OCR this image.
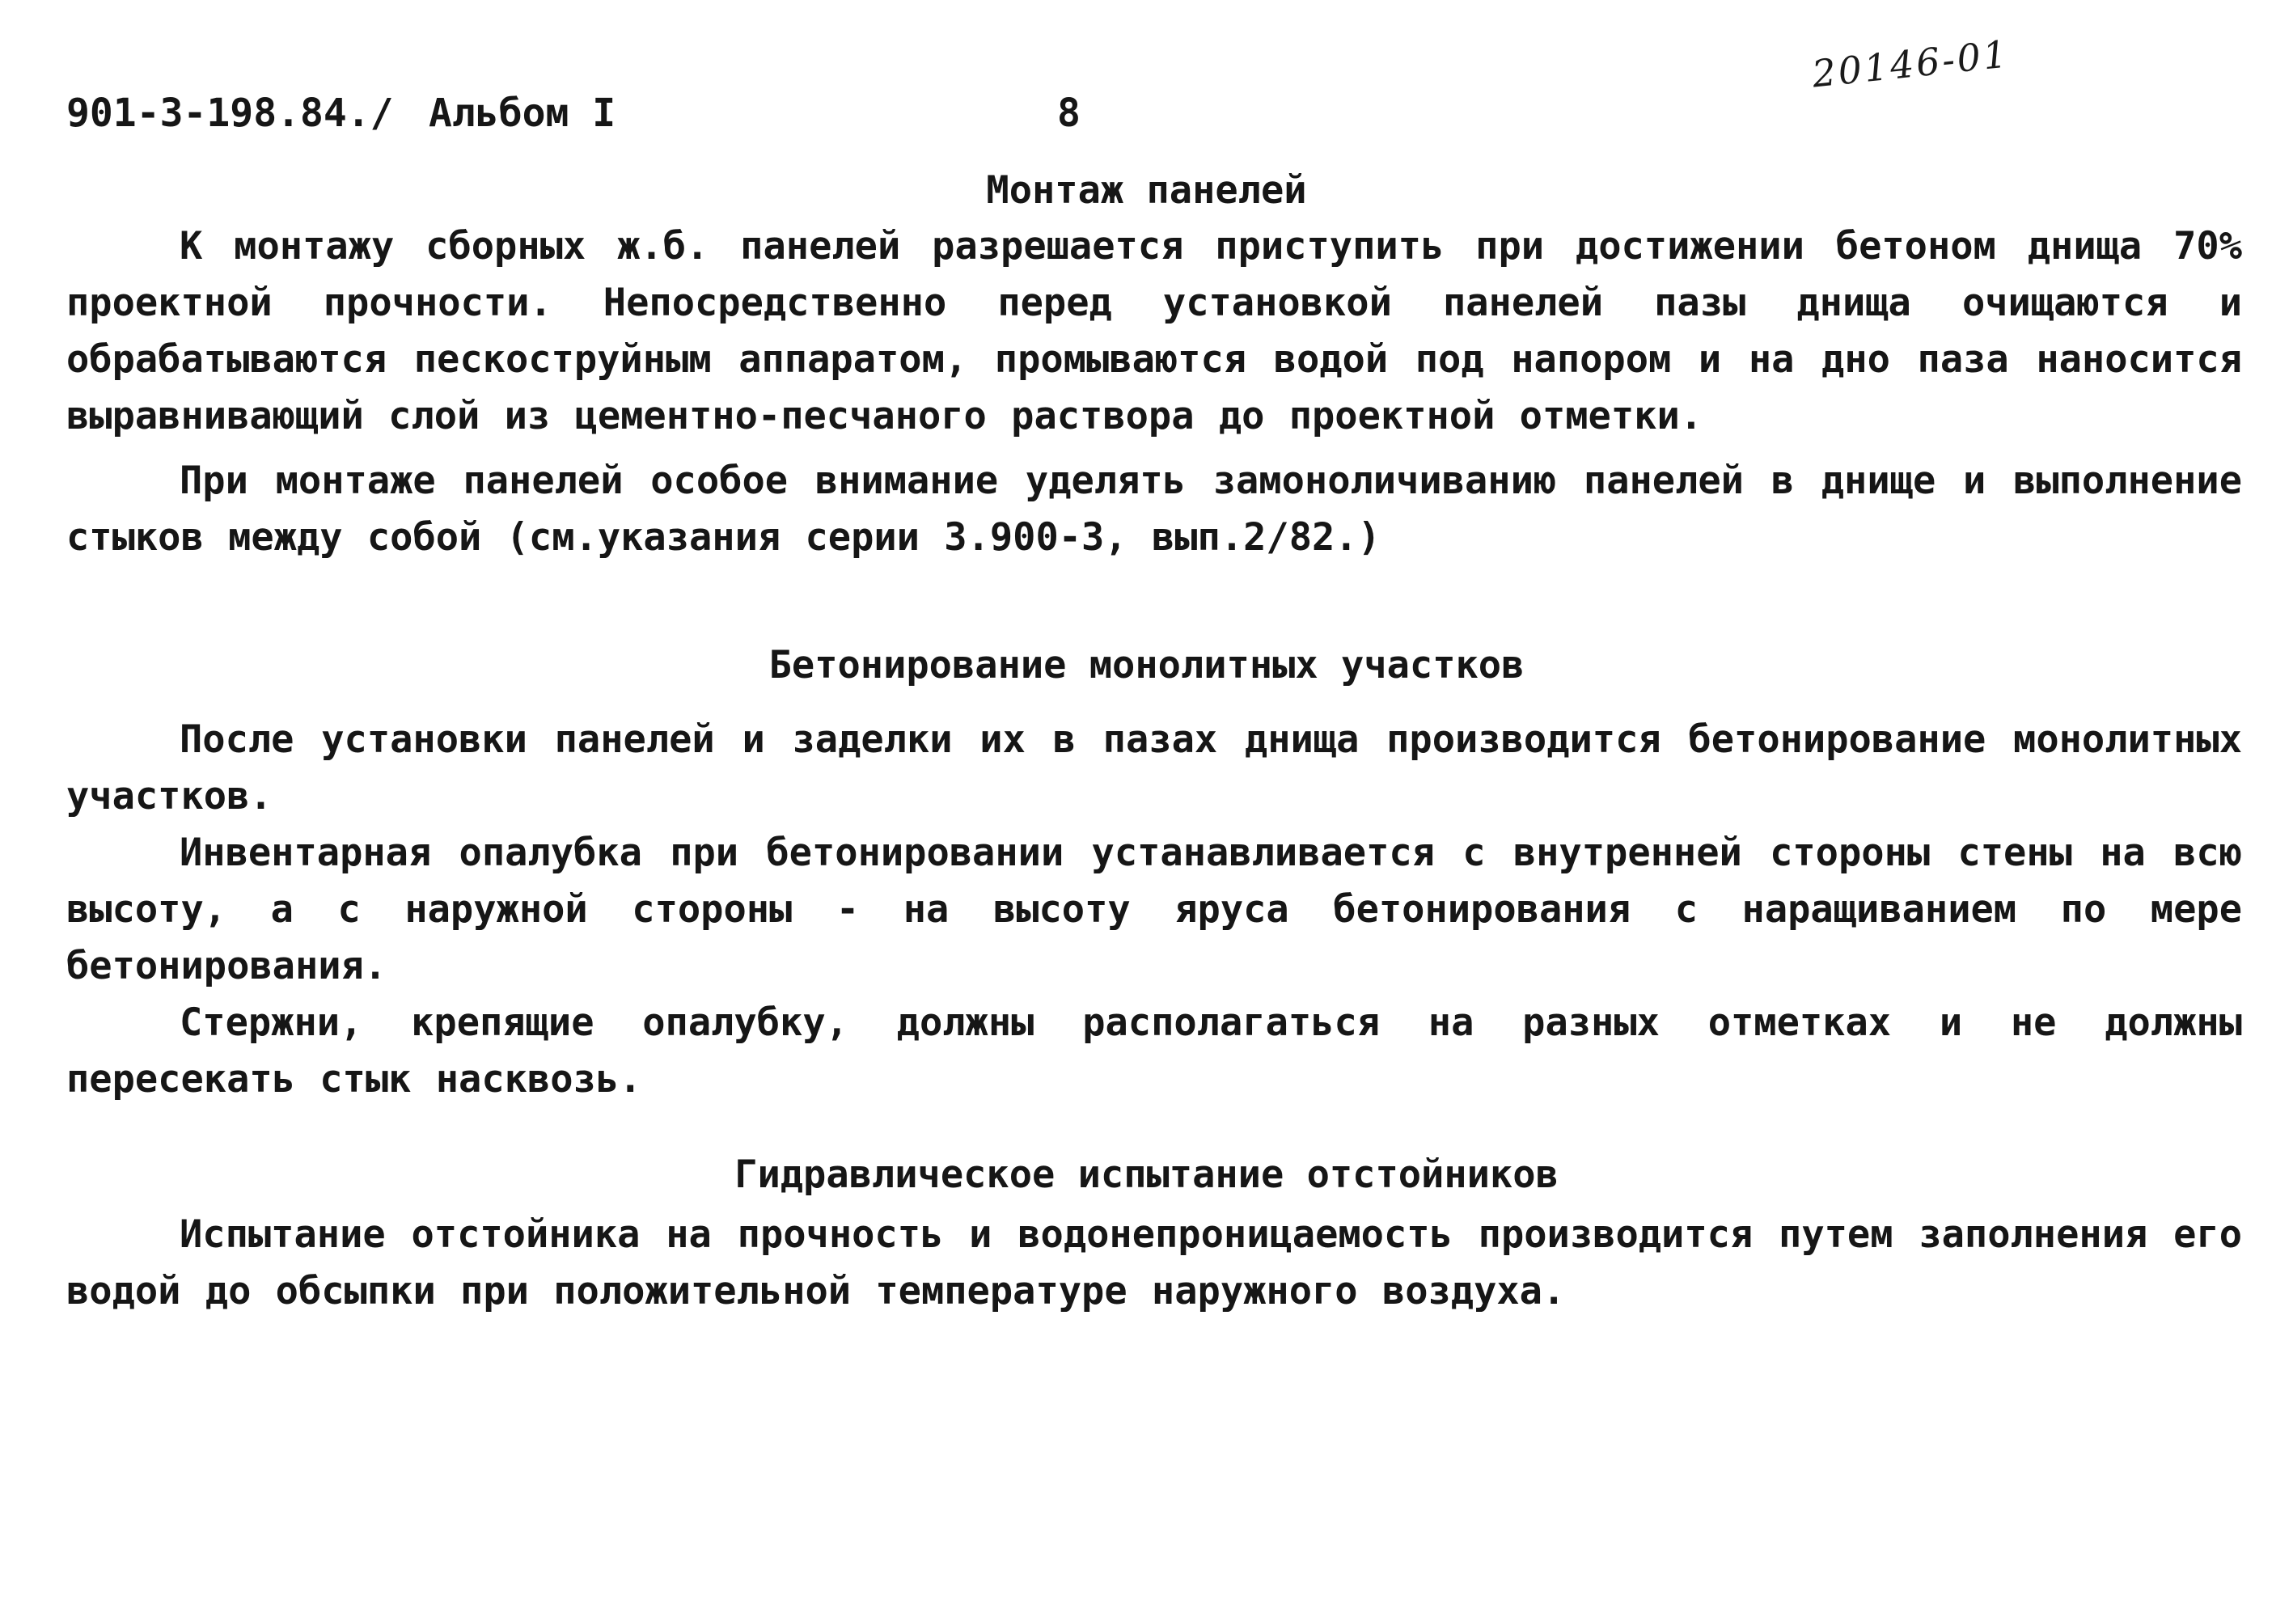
20146-01
901-3-198.84./ Альбом I	8
Монтаж панелей

К монтажу сборных ж.б. панелей разрешается приступить при достижении бетоном днища 70% проектной прочности. Непосредственно перед установкой панелей пазы днища очищаются и обрабатываются пескоструйным аппаратом, промываются водой под напором и на дно паза наносится выравнивающий слой из цементно-песчаного раствора до проектной отметки.

При монтаже панелей особое внимание уделять замоноличиванию панелей в днище и выполнение стыков между собой (см.указания серии 3.900-3, вып.2/82.)

Бетонирование монолитных участков

После установки панелей и заделки их в пазах днища производится бетонирование монолитных участков.

Инвентарная опалубка при бетонировании устанавливается с внутренней стороны стены на всю высоту, а с наружной стороны - на высоту яруса бетонирования с наращиванием по мере бетонирования.

Стержни, крепящие опалубку, должны располагаться на разных отметках и не должны пересекать стык насквозь.

Гидравлическое испытание отстойников

Испытание отстойника на прочность и водонепроницаемость производится путем заполнения его водой до обсыпки при положительной температуре наружного воздуха.
